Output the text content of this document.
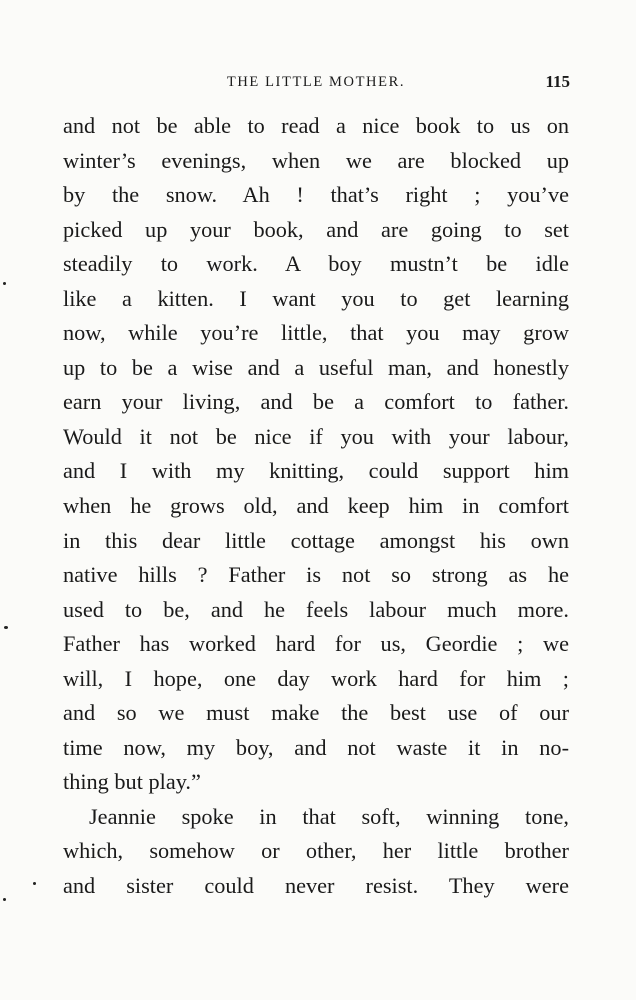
THE LITTLE MOTHER.	115
and not be able to read a nice book to us on
winter’s evenings, when we are blocked up
by the snow. Ah ! that’s right ; you’ve
picked up your book, and are going to set
steadily to work. A boy mustn’t be idle
like a kitten. I want you to get learning
now, while you’re little, that you may grow
up to be a wise and a useful man, and honestly
earn your living, and be a comfort to father.
Would it not be nice if you with your labour,
and I with my knitting, could support him
when he grows old, and keep him in comfort
in this dear little cottage amongst his own
native hills ? Father is not so strong as he
used to be, and he feels labour much more.
Father has worked hard for us, Geordie ; we
will, I hope, one day work hard for him ;
and so we must make the best use of our
time now, my boy, and not waste it in no-
thing but play.”
Jeannie spoke in that soft, winning tone,
which, somehow or other, her little brother
and sister could never resist. They were
